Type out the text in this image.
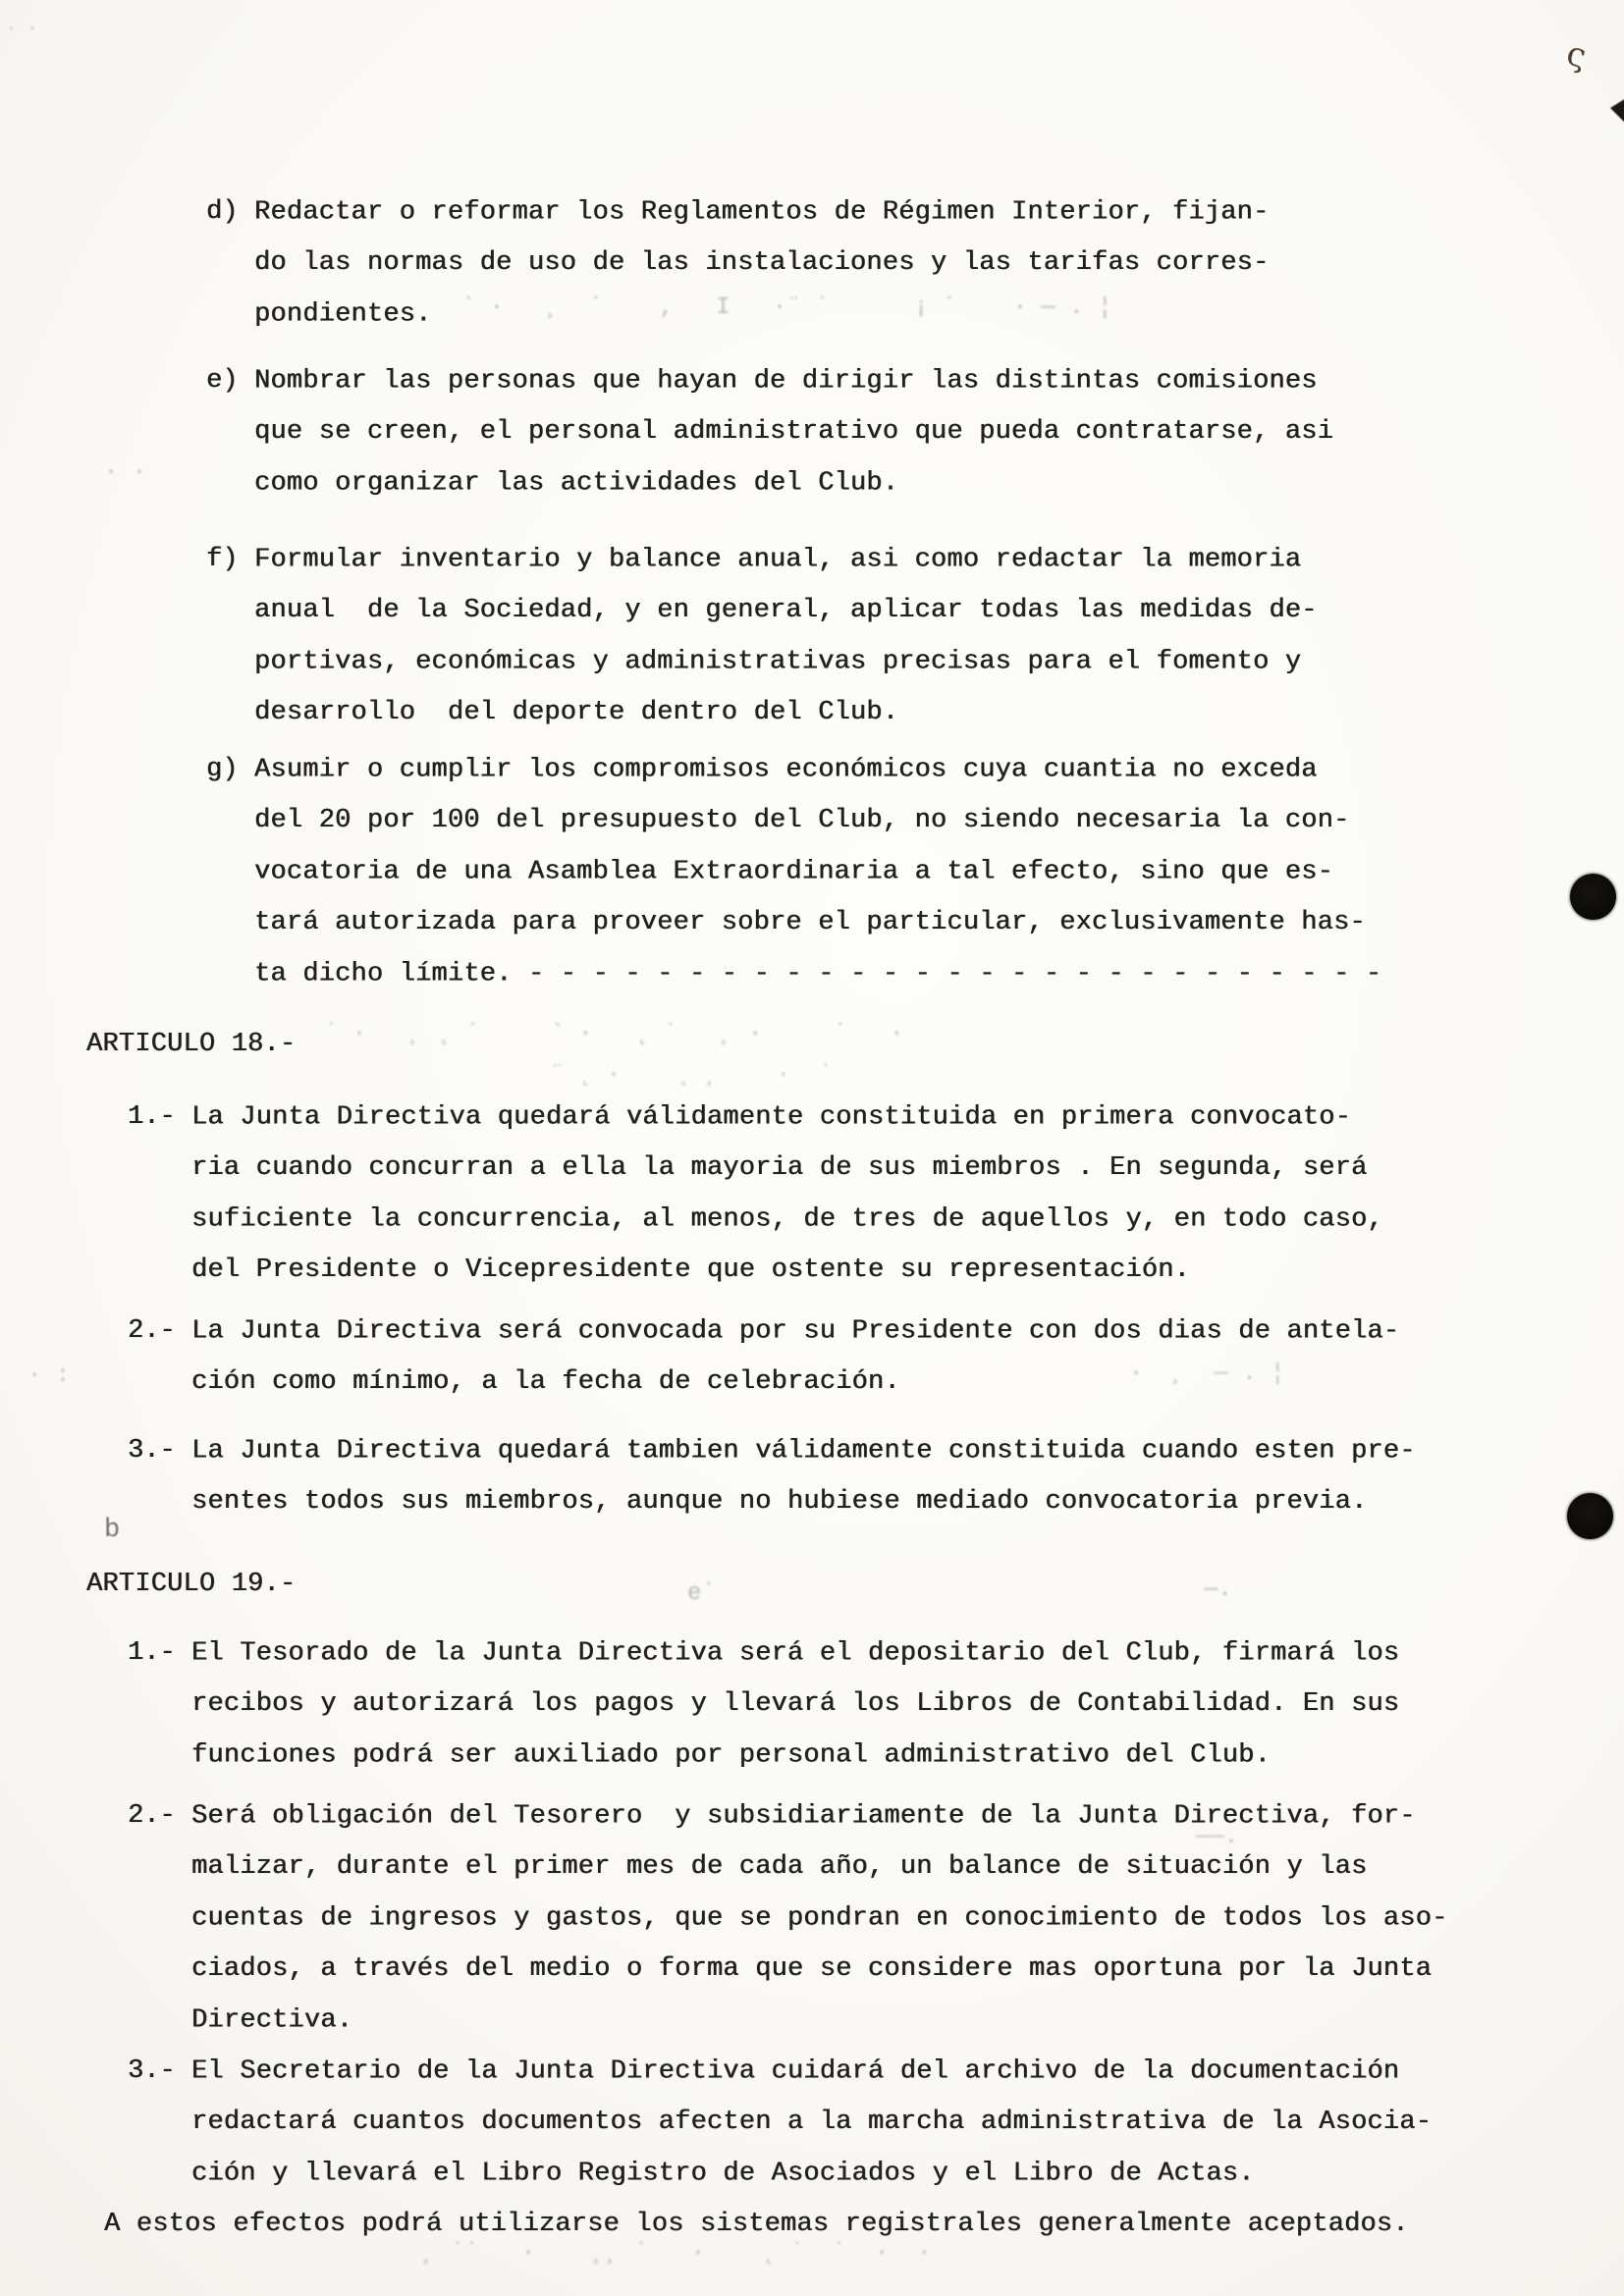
d) Redactar o reformar los Reglamentos de Régimen Interior, fijan-
do las normas de uso de las instalaciones y las tarifas corres-
pondientes.
e) Nombrar las personas que hayan de dirigir las distintas comisiones
que se creen, el personal administrativo que pueda contratarse, asi
como organizar las actividades del Club.
f) Formular inventario y balance anual, asi como redactar la memoria
anual  de la Sociedad, y en general, aplicar todas las medidas de-
portivas, económicas y administrativas precisas para el fomento y
desarrollo  del deporte dentro del Club.
g) Asumir o cumplir los compromisos económicos cuya cuantia no exceda
del 20 por 100 del presupuesto del Club, no siendo necesaria la con-
vocatoria de una Asamblea Extraordinaria a tal efecto, sino que es-
tará autorizada para proveer sobre el particular, exclusivamente has-
ta dicho límite. - - - - - - - - - - - - - - - - - - - - - - - - - - -
ARTICULO 18.-
1.- La Junta Directiva quedará válidamente constituida en primera convocato-
ria cuando concurran a ella la mayoria de sus miembros . En segunda, será
suficiente la concurrencia, al menos, de tres de aquellos y, en todo caso,
del Presidente o Vicepresidente que ostente su representación.
2.- La Junta Directiva será convocada por su Presidente con dos dias de antela-
ción como mínimo, a la fecha de celebración.
3.- La Junta Directiva quedará tambien válidamente constituida cuando esten pre-
sentes todos sus miembros, aunque no hubiese mediado convocatoria previa.
ARTICULO 19.-
1.- El Tesorado de la Junta Directiva será el depositario del Club, firmará los
recibos y autorizará los pagos y llevará los Libros de Contabilidad. En sus
funciones podrá ser auxiliado por personal administrativo del Club.
2.- Será obligación del Tesorero  y subsidiariamente de la Junta Directiva, for-
malizar, durante el primer mes de cada año, un balance de situación y las
cuentas de ingresos y gastos, que se pondran en conocimiento de todos los aso-
ciados, a través del medio o forma que se considere mas oportuna por la Junta
Directiva.
3.- El Secretario de la Junta Directiva cuidará del archivo de la documentación
redactará cuantos documentos afecten a la marcha administrativa de la Asocia-
ción y llevará el Libro Registro de Asociados y el Libro de Actas.
A estos efectos podrá utilizarse los sistemas registrales generalmente aceptados.
ς
· ·
` ·   ¸  ˙    ,   I   ·¨ ˙      ¡ ˙    · ― . ¦
· ·
˙ ·   ¸ ˛ ˙     ` ·   ˛ ˙   ¸ ·     ˙   ·
¨ ˛ ·    ˛ ¸    ·  ˙
·  ¸  ― . ¦
· :
b
e˙	―.
――.
¸ ˙˙   ·    ¸¸ ˙   ·    ˛ ˙  ˙  ·  ·
